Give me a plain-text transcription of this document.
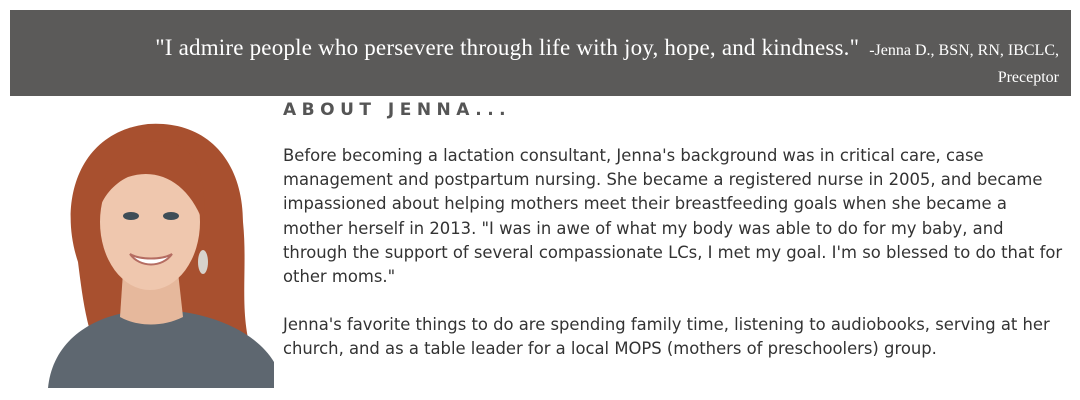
"I admire people who persevere through life with joy, hope, and kindness." -Jenna D., BSN, RN, IBCLC,
Preceptor
ABOUT JENNA...

Before becoming a lactation consultant, Jenna's background was in critical care, case management and postpartum nursing. She became a registered nurse in 2005, and became impassioned about helping mothers meet their breastfeeding goals when she became a mother herself in 2013. "I was in awe of what my body was able to do for my baby, and through the support of several compassionate LCs, I met my goal. I'm so blessed to do that for other moms."

Jenna's favorite things to do are spending family time, listening to audiobooks, serving at her church, and as a table leader for a local MOPS (mothers of preschoolers) group.
